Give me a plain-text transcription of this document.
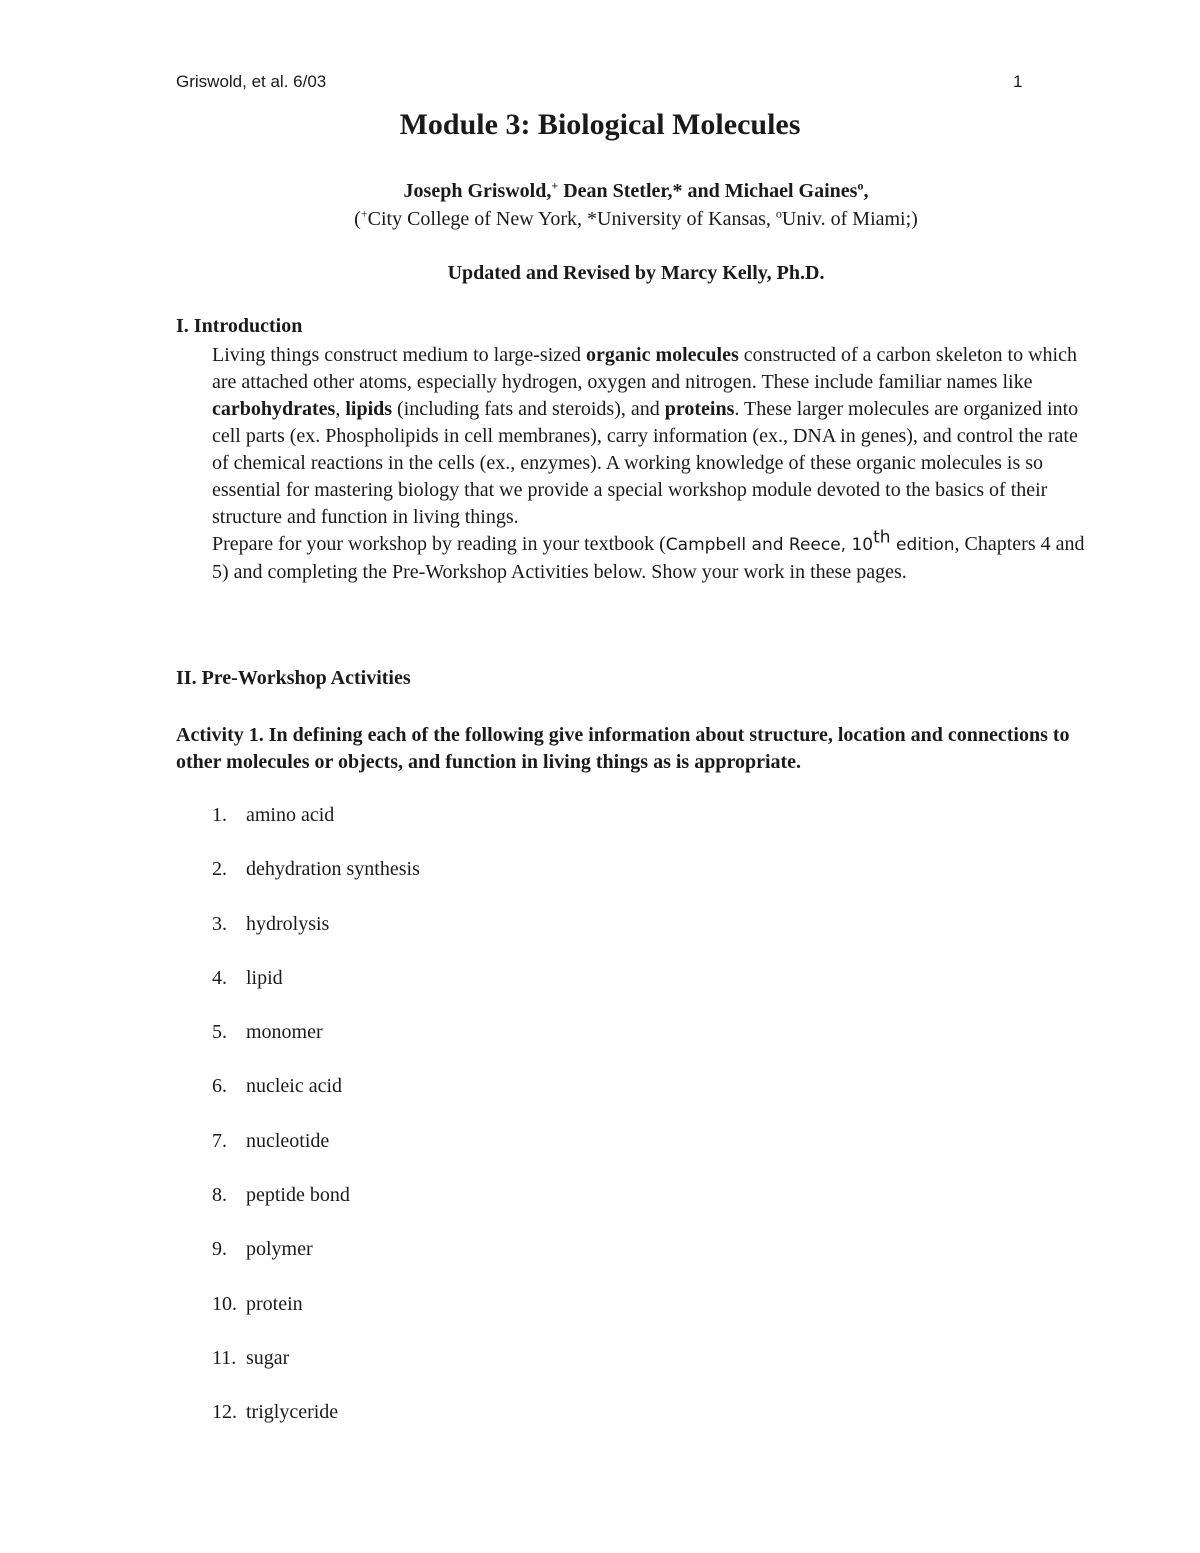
Griswold, et al. 6/03	1
Module 3: Biological Molecules
Joseph Griswold,+ Dean Stetler,* and Michael Gaines$^o$,
(+City College of New York, *University of Kansas, $^o$Univ. of Miami;)
Updated and Revised by Marcy Kelly, Ph.D.
I. Introduction

Living things construct medium to large-sized organic molecules constructed of a carbon skeleton to which are attached other atoms, especially hydrogen, oxygen and nitrogen. These include familiar names like carbohydrates, lipids (including fats and steroids), and proteins. These larger molecules are organized into cell parts (ex. Phospholipids in cell membranes), carry information (ex., DNA in genes), and control the rate of chemical reactions in the cells (ex., enzymes). A working knowledge of these organic molecules is so essential for mastering biology that we provide a special workshop module devoted to the basics of their structure and function in living things.

Prepare for your workshop by reading in your textbook (Campbell and Reece, 10th edition, Chapters 4 and 5) and completing the Pre-Workshop Activities below. Show your work in these pages.

II. Pre-Workshop Activities
Activity 1. In defining each of the following give information about structure, location and connections to other molecules or objects, and function in living things as is appropriate.
1. amino acid
2. dehydration synthesis
3. hydrolysis
4. lipid
5. monomer
6. nucleic acid
7. nucleotide
8. peptide bond
9. polymer
10. protein
11. sugar
12. triglyceride
